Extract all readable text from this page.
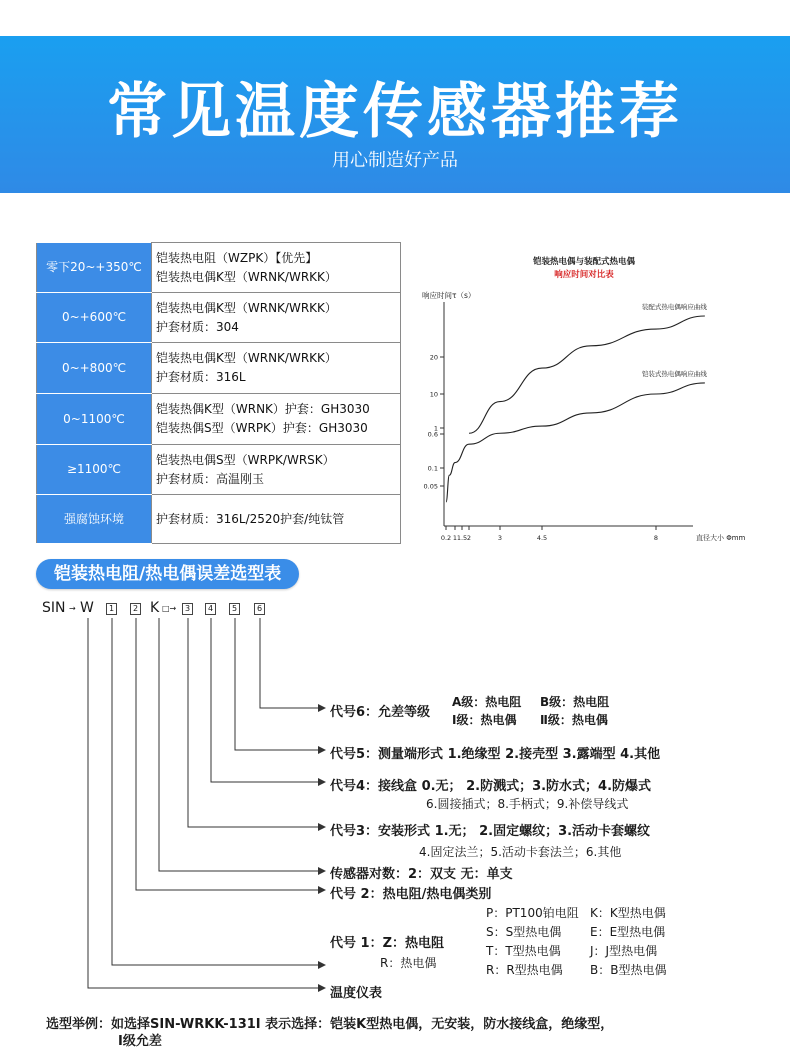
常见温度传感器推荐
用心制造好产品
零下20~+350℃	铠装热电阻（WZPK）【优先】
铠装热电偶K型（WRNK/WRKK）

0~+600℃	铠装热电偶K型（WRNK/WRKK）
护套材质：304

0~+800℃	铠装热电偶K型（WRNK/WRKK）
护套材质：316L

0~1100℃	铠装热偶K型（WRNK）护套：GH3030
铠装热偶S型（WRPK）护套：GH3030

≥1100℃	铠装热电偶S型（WRPK/WRSK）
护套材质：高温刚玉

强腐蚀环境	护套材质：316L/2520护套/纯钛管
铠装热电偶与装配式热电偶
响应时间对比表
响应时间τ（s）
直径大小 Φmm
0.2 1 1.5 2	3	4.5	8
0.05
0.1
0.6
1
10
20
装配式热电偶响应曲线
铠装式热电偶响应曲线
铠装热电阻/热电偶误差选型表
SIN → W	1	2 K □→	3	4	5	6
代号6：允差等级
A级：热电阻 B级：热电阻
Ⅰ级：热电偶 Ⅱ级：热电偶
代号5：测量端形式 1.绝缘型 2.接壳型 3.露端型 4.其他
代号4：接线盒 0.无； 2.防溅式；3.防水式；4.防爆式
6.圆接插式；8.手柄式；9.补偿导线式
代号3：安装形式 1.无； 2.固定螺纹；3.活动卡套螺纹
4.固定法兰；5.活动卡套法兰；6.其他
传感器对数：2：双支 无：单支
代号 2：热电阻/热电偶类别
P：PT100铂电阻 K：K型热电偶
S：S型热电偶 E：E型热电偶
T：T型热电偶 J：J型热电偶
R：R型热电偶 B：B型热电偶
代号 1：Z：热电阻
R：热电偶
温度仪表
选型举例：如选择SIN-WRKK-131Ⅰ 表示选择：铠装K型热电偶，无安装，防水接线盒，绝缘型，
Ⅰ级允差
